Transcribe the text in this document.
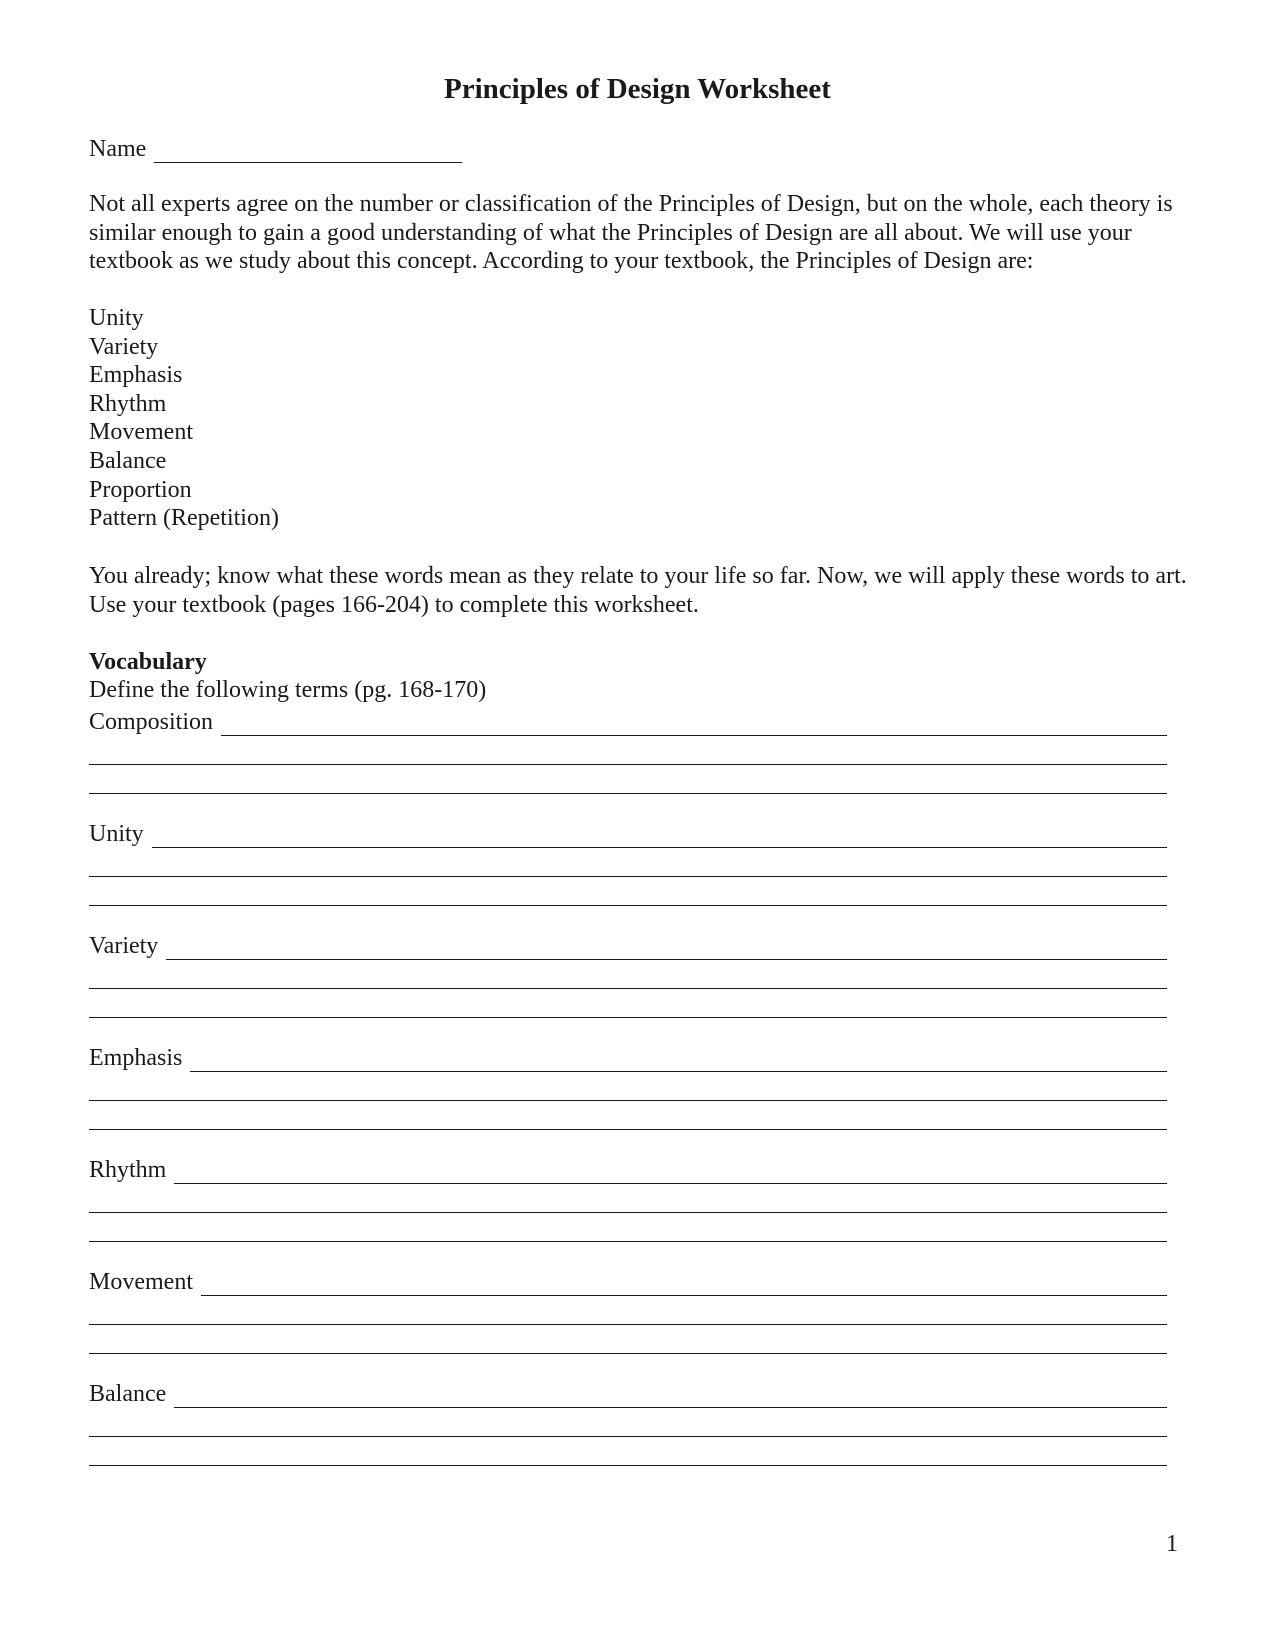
Principles of Design Worksheet
Name

Not all experts agree on the number or classification of the Principles of Design, but on the whole, each theory is similar enough to gain a good understanding of what the Principles of Design are all about. We will use your textbook as we study about this concept. According to your textbook, the Principles of Design are:

Unity
Variety
Emphasis
Rhythm
Movement
Balance
Proportion
Pattern (Repetition)

You already; know what these words mean as they relate to your life so far. Now, we will apply these words to art. Use your textbook (pages 166-204) to complete this worksheet.

Vocabulary
Define the following terms (pg. 168-170)
Composition
Unity
Variety
Emphasis
Rhythm
Movement
Balance
1
